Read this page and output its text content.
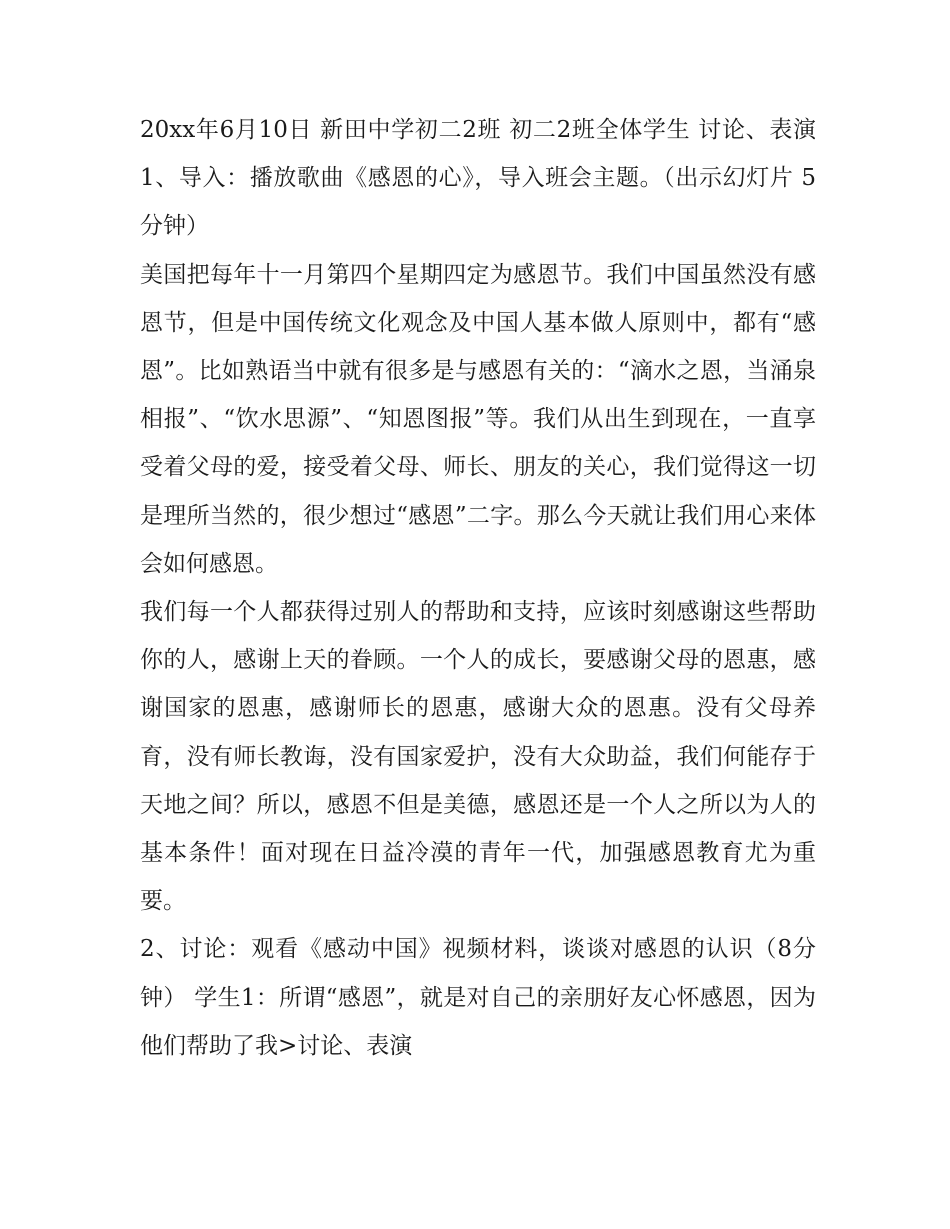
20xx年6月10日 新田中学初二2班 初二2班全体学生 讨论、表演 1、导入：播放歌曲《感恩的心》，导入班会主题。（出示幻灯片 5分钟）

美国把每年十一月第四个星期四定为感恩节。我们中国虽然没有感恩节，但是中国传统文化观念及中国人基本做人原则中，都有“感恩”。比如熟语当中就有很多是与感恩有关的：“滴水之恩，当涌泉相报”、“饮水思源”、“知恩图报”等。我们从出生到现在，一直享受着父母的爱，接受着父母、师长、朋友的关心，我们觉得这一切是理所当然的，很少想过“感恩”二字。那么今天就让我们用心来体会如何感恩。

我们每一个人都获得过别人的帮助和支持，应该时刻感谢这些帮助你的人，感谢上天的眷顾。一个人的成长，要感谢父母的恩惠，感谢国家的恩惠，感谢师长的恩惠，感谢大众的恩惠。没有父母养育，没有师长教诲，没有国家爱护，没有大众助益，我们何能存于天地之间？所以，感恩不但是美德，感恩还是一个人之所以为人的基本条件！面对现在日益冷漠的青年一代，加强感恩教育尤为重要。

2、讨论：观看《感动中国》视频材料，谈谈对感恩的认识（8分钟） 学生1：所谓“感恩”，就是对自己的亲朋好友心怀感恩，因为他们帮助了我>讨论、表演
